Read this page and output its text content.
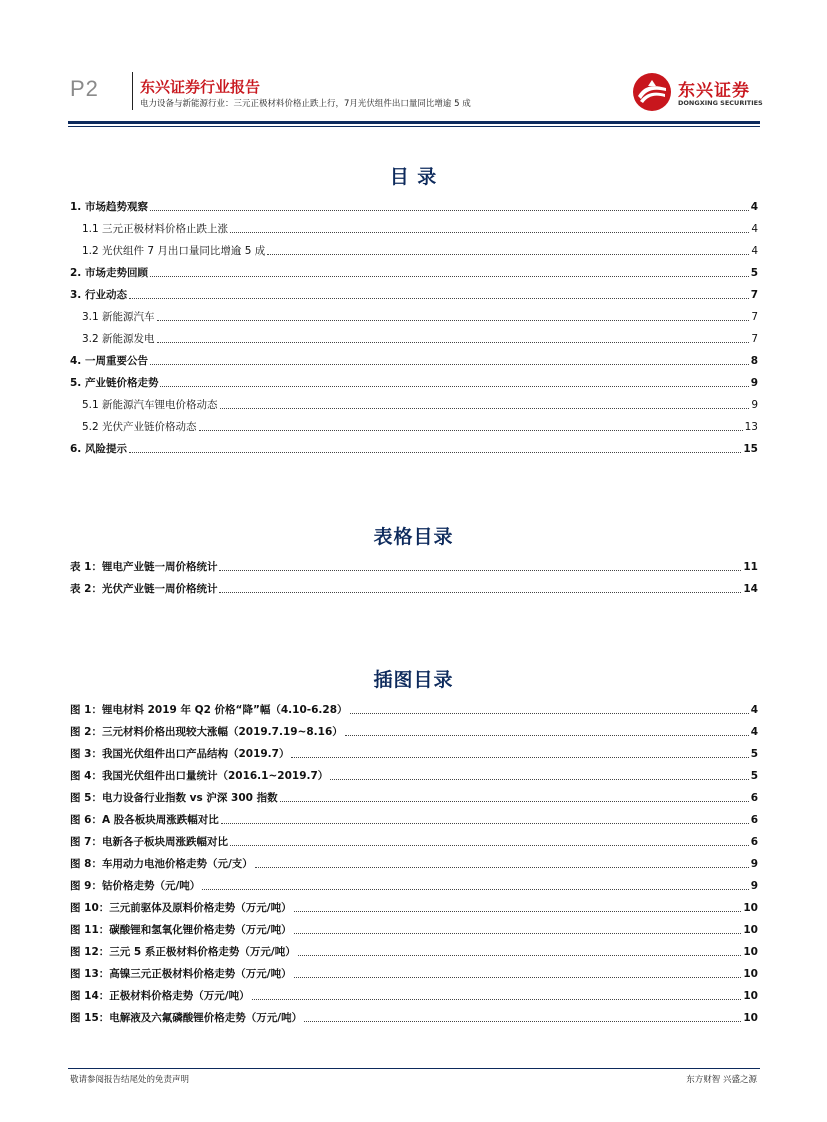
P2	东兴证券行业报告
电力设备与新能源行业：三元正极材料价格止跌上行，7月光伏组件出口量同比增逾 5 成
东兴证券
DONGXING SECURITIES
目 录
1. 市场趋势观察	4
1.1 三元正极材料价格止跌上涨	4
1.2 光伏组件 7 月出口量同比增逾 5 成	4
2. 市场走势回顾	5
3. 行业动态	7
3.1 新能源汽车	7
3.2 新能源发电	7
4. 一周重要公告	8
5. 产业链价格走势	9
5.1 新能源汽车锂电价格动态	9
5.2 光伏产业链价格动态	13
6. 风险提示	15
表格目录
表 1：锂电产业链一周价格统计	11
表 2：光伏产业链一周价格统计	14
插图目录
图 1：锂电材料 2019 年 Q2 价格“降”幅（4.10-6.28）	4
图 2：三元材料价格出现较大涨幅（2019.7.19~8.16）	4
图 3：我国光伏组件出口产品结构（2019.7）	5
图 4：我国光伏组件出口量统计（2016.1~2019.7）	5
图 5：电力设备行业指数 vs 沪深 300 指数	6
图 6：A 股各板块周涨跌幅对比	6
图 7：电新各子板块周涨跌幅对比	6
图 8：车用动力电池价格走势（元/支）	9
图 9：钴价格走势（元/吨）	9
图 10：三元前驱体及原料价格走势（万元/吨）	10
图 11：碳酸锂和氢氧化锂价格走势（万元/吨）	10
图 12：三元 5 系正极材料价格走势（万元/吨）	10
图 13：高镍三元正极材料价格走势（万元/吨）	10
图 14：正极材料价格走势（万元/吨）	10
图 15：电解液及六氟磷酸锂价格走势（万元/吨）	10
敬请参阅报告结尾处的免责声明	东方财智 兴盛之源
